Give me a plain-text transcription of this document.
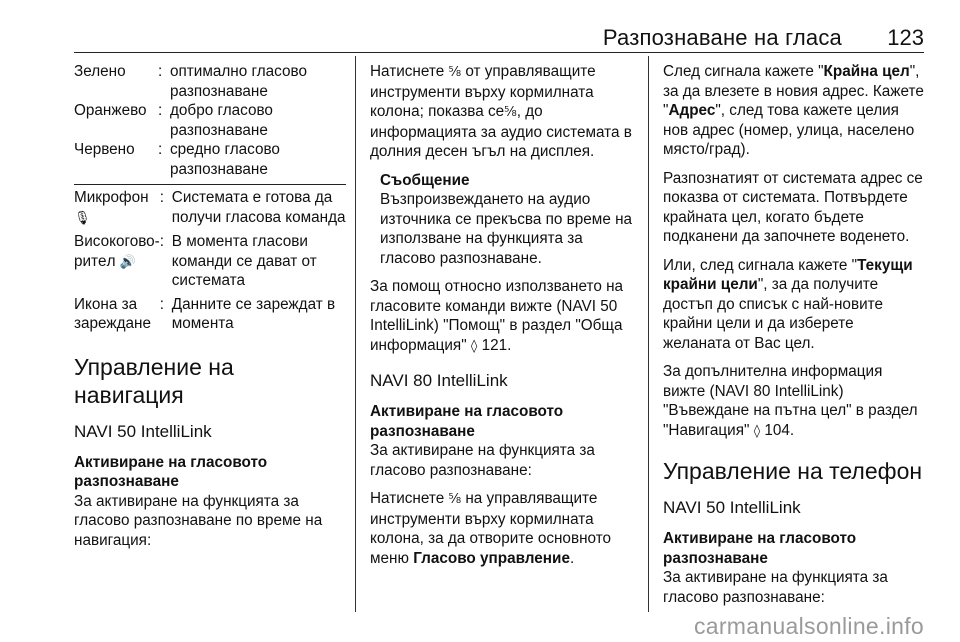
Разпознаване на гласа 123
Зелено	:	оптимално гласово разпознаване
Оранжево	:	добро гласово разпознаване
Червено	:	средно гласово разпознаване
Микрофон 🎙	:	Системата е готова да получи гласова команда
Високогово-ритeл 🔊	:	В момента гласови команди се дават от системата
Икона за зареждане	:	Данните се зареждат в момента
Управление на навигация
NAVI 50 IntelliLink
Активиране на гласовото разпознаване

За активиране на функцията за гласово разпознаване по време на навигация:

Натиснете ⅝ от управляващите инструменти върху кормилната колона; показва се⅝, до информацията за аудио системата в долния десен ъгъл на дисплея.

Съобщение
Възпроизвеждането на аудио източника се прекъсва по време на използване на функцията за гласово разпознаване.

За помощ относно използването на гласовите команди вижте (NAVI 50 IntelliLink) "Помощ" в раздел "Обща информация" ◊ 121.

NAVI 80 IntelliLink
Активиране на гласовото разпознаване

За активиране на функцията за гласово разпознаване:

Натиснете ⅝ на управляващите инструменти върху кормилната колона, за да отворите основното меню Гласово управление.

След сигнала кажете "Крайна цел", за да влезете в новия адрес. Кажете "Адрес", след това кажете целия нов адрес (номер, улица, населено място/град).

Разпознатият от системата адрес се показва от системата. Потвърдете крайната цел, когато бъдете подканени да започнете воденето.

Или, след сигнала кажете "Текущи крайни цели", за да получите достъп до списък с най-новите крайни цели и да изберете желаната от Вас цел.

За допълнителна информация вижте (NAVI 80 IntelliLink) "Въвеждане на пътна цел" в раздел "Навигация" ◊ 104.

Управление на телефон
NAVI 50 IntelliLink
Активиране на гласовото разпознаване

За активиране на функцията за гласово разпознаване:

carmanualsonline.info
